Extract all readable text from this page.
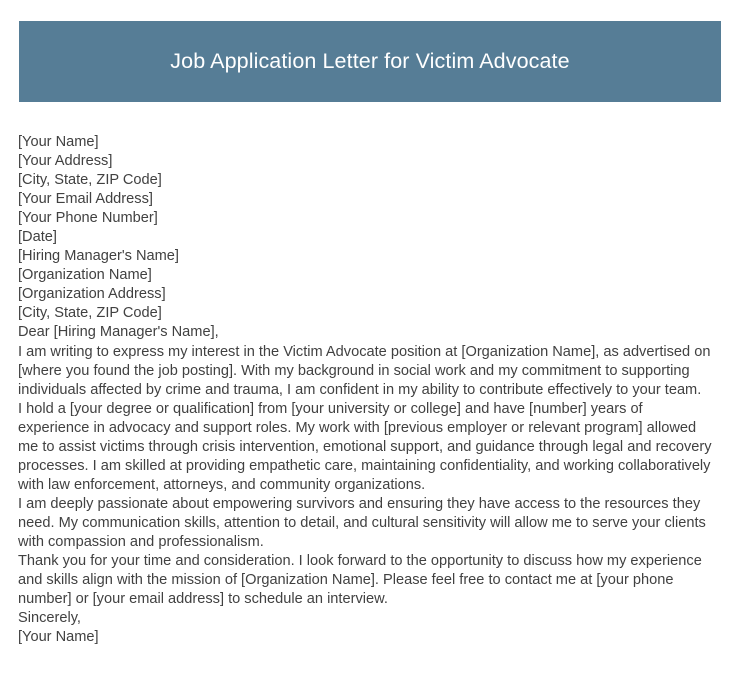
Job Application Letter for Victim Advocate
[Your Name]
[Your Address]
[City, State, ZIP Code]
[Your Email Address]
[Your Phone Number]
[Date]
[Hiring Manager's Name]
[Organization Name]
[Organization Address]
[City, State, ZIP Code]
Dear [Hiring Manager's Name],
I am writing to express my interest in the Victim Advocate position at [Organization Name], as advertised on [where you found the job posting]. With my background in social work and my commitment to supporting individuals affected by crime and trauma, I am confident in my ability to contribute effectively to your team.
I hold a [your degree or qualification] from [your university or college] and have [number] years of experience in advocacy and support roles. My work with [previous employer or relevant program] allowed me to assist victims through crisis intervention, emotional support, and guidance through legal and recovery processes. I am skilled at providing empathetic care, maintaining confidentiality, and working collaboratively with law enforcement, attorneys, and community organizations.
I am deeply passionate about empowering survivors and ensuring they have access to the resources they need. My communication skills, attention to detail, and cultural sensitivity will allow me to serve your clients with compassion and professionalism.
Thank you for your time and consideration. I look forward to the opportunity to discuss how my experience and skills align with the mission of [Organization Name]. Please feel free to contact me at [your phone number] or [your email address] to schedule an interview.
Sincerely,
[Your Name]
